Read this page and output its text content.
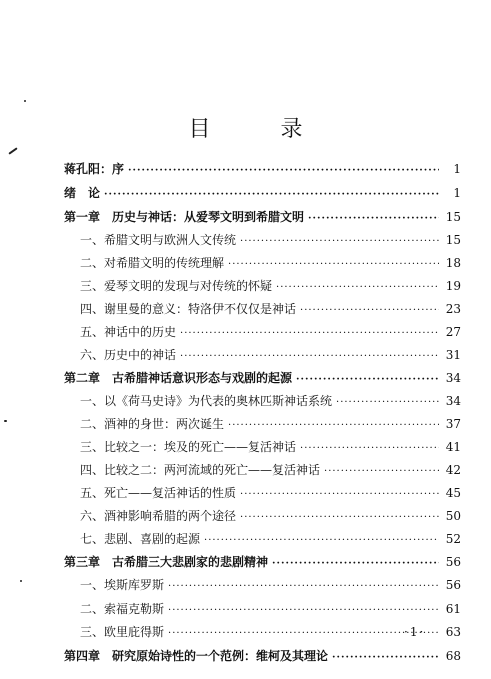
目　录
蒋孔阳：序 ·····	1
绪　论 ·····	1
第一章　历史与神话：从爱琴文明到希腊文明 ·····	15
一、希腊文明与欧洲人文传统 ·····	15
二、对希腊文明的传统理解 ·····	18
三、爱琴文明的发现与对传统的怀疑 ·····	19
四、谢里曼的意义：特洛伊不仅仅是神话 ·····	23
五、神话中的历史 ·····	27
六、历史中的神话 ·····	31
第二章　古希腊神话意识形态与戏剧的起源 ·····	34
一、以《荷马史诗》为代表的奥林匹斯神话系统 ·····	34
二、酒神的身世：两次诞生 ·····	37
三、比较之一：埃及的死亡——复活神话 ·····	41
四、比较之二：两河流域的死亡——复活神话 ·····	42
五、死亡——复活神话的性质 ·····	45
六、酒神影响希腊的两个途径 ·····	50
七、悲剧、喜剧的起源 ·····	52
第三章　古希腊三大悲剧家的悲剧精神 ·····	56
一、埃斯库罗斯 ·····	56
二、索福克勒斯 ·····	61
三、欧里庇得斯 ·····	63
第四章　研究原始诗性的一个范例：维柯及其理论 ·····	68
· 1 ·
